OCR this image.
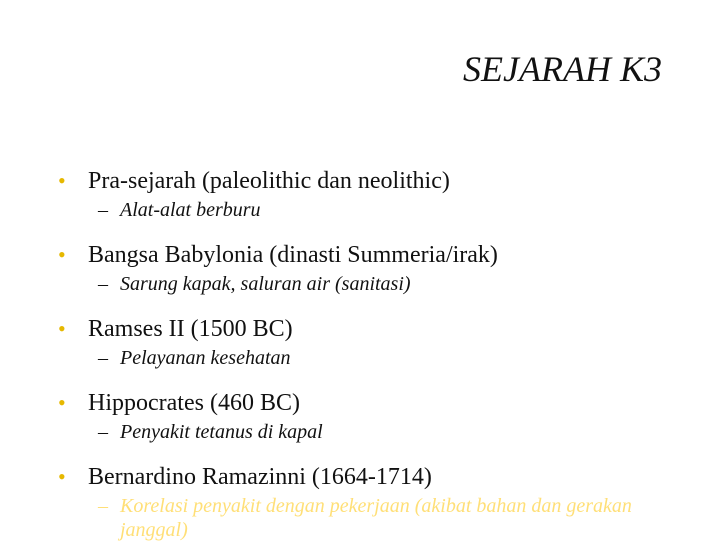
SEJARAH K3
• Pra-sejarah (paleolithic dan neolithic)
– Alat-alat berburu
• Bangsa Babylonia (dinasti Summeria/irak)
– Sarung kapak, saluran air (sanitasi)
• Ramses II (1500 BC)
– Pelayanan kesehatan
• Hippocrates (460 BC)
– Penyakit tetanus di kapal
• Bernardino Ramazinni (1664-1714)
– Korelasi penyakit dengan pekerjaan (akibat bahan dan gerakan janggal)
